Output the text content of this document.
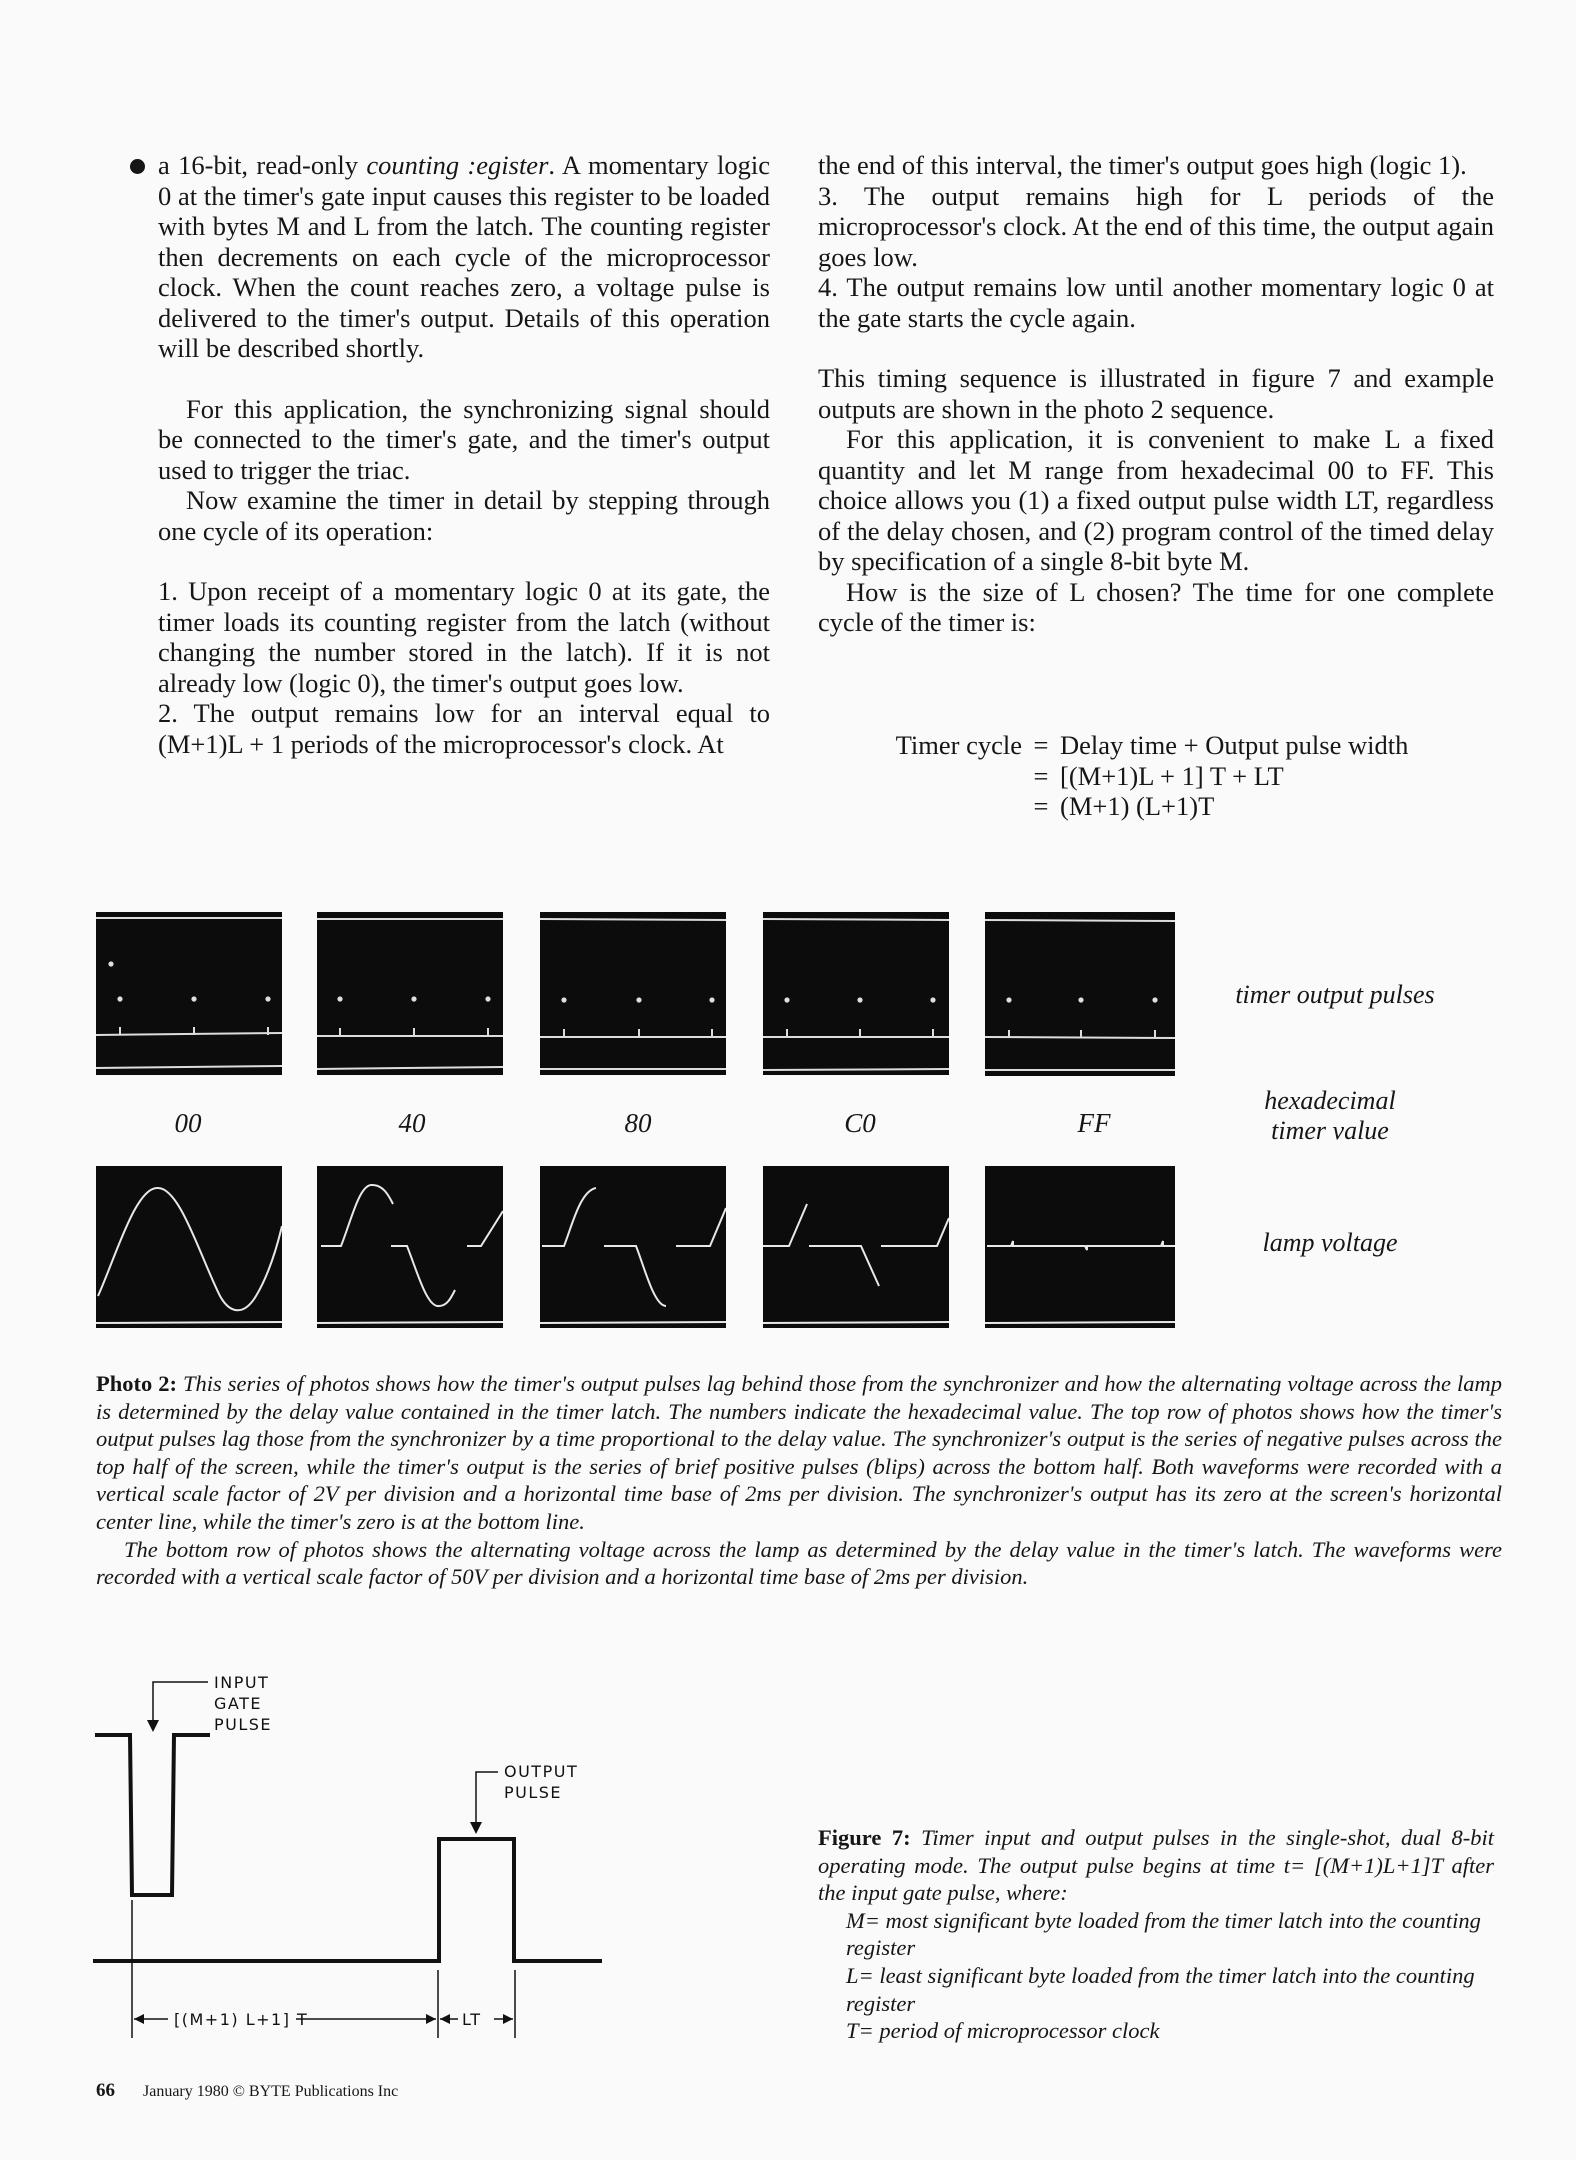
a 16-bit, read-only counting :egister. A momentary logic 0 at the timer's gate input causes this register to be loaded with bytes M and L from the latch. The counting register then decrements on each cycle of the microprocessor clock. When the count reaches zero, a voltage pulse is delivered to the timer's output. Details of this operation will be described shortly.

For this application, the synchronizing signal should be connected to the timer's gate, and the timer's output used to trigger the triac.

Now examine the timer in detail by stepping through one cycle of its operation:

1. Upon receipt of a momentary logic 0 at its gate, the timer loads its counting register from the latch (without changing the number stored in the latch). If it is not already low (logic 0), the timer's output goes low.

2. The output remains low for an interval equal to (M+1)L + 1 periods of the microprocessor's clock. At

the end of this interval, the timer's output goes high (logic 1).

3. The output remains high for L periods of the microprocessor's clock. At the end of this time, the output again goes low.

4. The output remains low until another momentary logic 0 at the gate starts the cycle again.

This timing sequence is illustrated in figure 7 and example outputs are shown in the photo 2 sequence.

For this application, it is convenient to make L a fixed quantity and let M range from hexadecimal 00 to FF. This choice allows you (1) a fixed output pulse width LT, regardless of the delay chosen, and (2) program control of the timed delay by specification of a single 8-bit byte M.

How is the size of L chosen? The time for one complete cycle of the timer is:

Timer cycle = Delay time + Output pulse width
= [(M+1)L + 1] T + LT
= (M+1) (L+1)T
00	40	80	C0	FF
timer output pulses
hexadecimal
timer value
lamp voltage
Photo 2: This series of photos shows how the timer's output pulses lag behind those from the synchronizer and how the alternating voltage across the lamp is determined by the delay value contained in the timer latch. The numbers indicate the hexadecimal value. The top row of photos shows how the timer's output pulses lag those from the synchronizer by a time proportional to the delay value. The synchronizer's output is the series of negative pulses across the top half of the screen, while the timer's output is the series of brief positive pulses (blips) across the bottom half. Both waveforms were recorded with a vertical scale factor of 2V per division and a horizontal time base of 2ms per division. The synchronizer's output has its zero at the screen's horizontal center line, while the timer's zero is at the bottom line.
The bottom row of photos shows the alternating voltage across the lamp as determined by the delay value in the timer's latch. The waveforms were recorded with a vertical scale factor of 50V per division and a horizontal time base of 2ms per division.
INPUT
GATE
PULSE
OUTPUT
PULSE
[(M+1) L+1] T	LT
Figure 7: Timer input and output pulses in the single-shot, dual 8-bit operating mode. The output pulse begins at time t= [(M+1)L+1]T after the input gate pulse, where:
M= most significant byte loaded from the timer latch into the counting register
L= least significant byte loaded from the timer latch into the counting register
T= period of microprocessor clock
66 January 1980 © BYTE Publications Inc
